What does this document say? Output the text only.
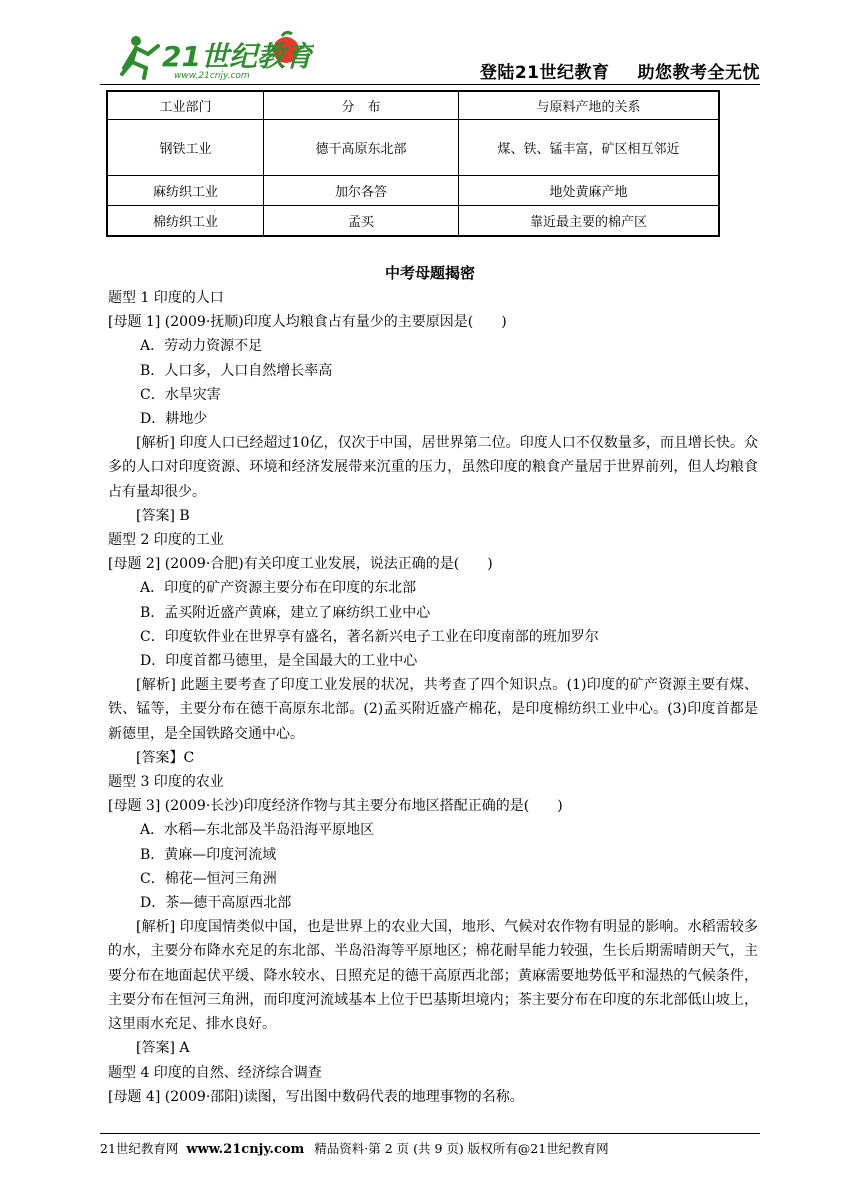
21世纪教育
www.21cnjy.com	登陆21世纪教育 助您教考全无忧
工业部门	分　布	与原料产地的关系
钢铁工业	德干高原东北部	煤、铁、锰丰富，矿区相互邻近
麻纺织工业	加尔各答	地处黄麻产地
棉纺织工业	孟买	靠近最主要的棉产区
中考母题揭密

题型 1 印度的人口

[母题 1] (2009·抚顺)印度人均粮食占有量少的主要原因是(　　)

A．劳动力资源不足

B．人口多，人口自然增长率高

C．水旱灾害

D．耕地少

[解析] 印度人口已经超过10亿，仅次于中国，居世界第二位。印度人口不仅数量多，而且增长快。众多的人口对印度资源、环境和经济发展带来沉重的压力，虽然印度的粮食产量居于世界前列，但人均粮食占有量却很少。

[答案] B

题型 2 印度的工业

[母题 2] (2009·合肥)有关印度工业发展，说法正确的是(　　)

A．印度的矿产资源主要分布在印度的东北部

B．孟买附近盛产黄麻，建立了麻纺织工业中心

C．印度软件业在世界享有盛名，著名新兴电子工业在印度南部的班加罗尔

D．印度首都马德里，是全国最大的工业中心

[解析] 此题主要考查了印度工业发展的状况，共考查了四个知识点。(1)印度的矿产资源主要有煤、铁、锰等，主要分布在德干高原东北部。(2)孟买附近盛产棉花，是印度棉纺织工业中心。(3)印度首都是新德里，是全国铁路交通中心。

[答案】C

题型 3 印度的农业

[母题 3] (2009·长沙)印度经济作物与其主要分布地区搭配正确的是(　　)

A．水稻—东北部及半岛沿海平原地区

B．黄麻—印度河流域

C．棉花—恒河三角洲

D．茶—德干高原西北部

[解析] 印度国情类似中国，也是世界上的农业大国，地形、气候对农作物有明显的影响。水稻需较多的水，主要分布降水充足的东北部、半岛沿海等平原地区；棉花耐旱能力较强，生长后期需晴朗天气，主要分布在地面起伏平缓、降水较水、日照充足的德干高原西北部；黄麻需要地势低平和湿热的气候条件，主要分布在恒河三角洲，而印度河流域基本上位于巴基斯坦境内；茶主要分布在印度的东北部低山坡上，这里雨水充足、排水良好。

[答案] A

题型 4 印度的自然、经济综合调查

[母题 4] (2009·邵阳)读图，写出图中数码代表的地理事物的名称。

21世纪教育网 www.21cnjy.com 精品资料·第 2 页 (共 9 页) 版权所有@21世纪教育网
